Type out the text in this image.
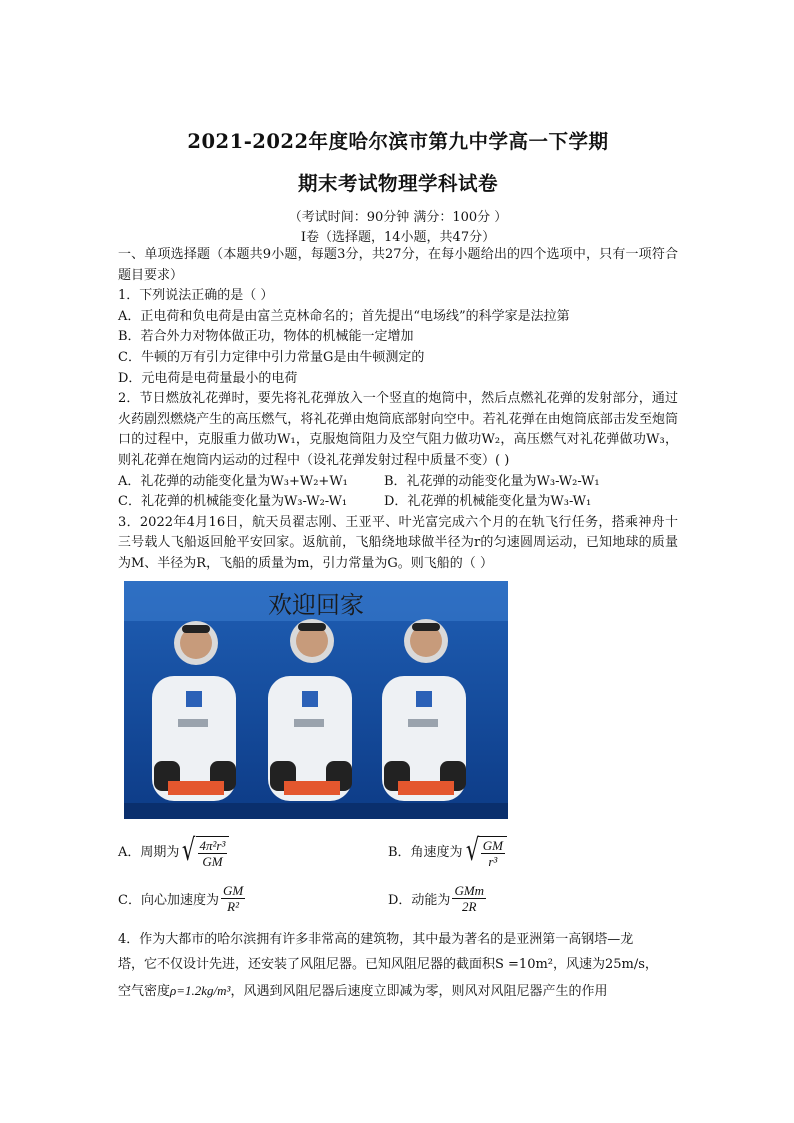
2021-2022年度哈尔滨市第九中学高一下学期

期末考试物理学科试卷

（考试时间：90分钟 满分：100分 ）
I卷（选择题，14小题，共47分）

一、单项选择题（本题共9小题，每题3分，共27分，在每小题给出的四个选项中，只有一项符合题目要求）

1．下列说法正确的是（ ）
A．正电荷和负电荷是由富兰克林命名的；首先提出“电场线”的科学家是法拉第
B．若合外力对物体做正功，物体的机械能一定增加
C．牛顿的万有引力定律中引力常量G是由牛顿测定的
D．元电荷是电荷量最小的电荷

2．节日燃放礼花弹时，要先将礼花弹放入一个竖直的炮筒中，然后点燃礼花弹的发射部分，通过火药剧烈燃烧产生的高压燃气，将礼花弹由炮筒底部射向空中。若礼花弹在由炮筒底部击发至炮筒口的过程中，克服重力做功W₁，克服炮筒阻力及空气阻力做功W₂，高压燃气对礼花弹做功W₃，则礼花弹在炮筒内运动的过程中（设礼花弹发射过程中质量不变）( )

A．礼花弹的动能变化量为W₃+W₂+W₁	B．礼花弹的动能变化量为W₃-W₂-W₁
C．礼花弹的机械能变化量为W₃-W₂-W₁	D．礼花弹的机械能变化量为W₃-W₁

3．2022年4月16日，航天员翟志刚、王亚平、叶光富完成六个月的在轨飞行任务，搭乘神舟十三号载人飞船返回舱平安回家。返航前，飞船绕地球做半径为r的匀速圆周运动，已知地球的质量为M、半径为R，飞船的质量为m，引力常量为G。则飞船的（ ）

欢迎回家
A．周期为 √ $\frac{\text{4π²r³}}{GM}$	B．角速度为 √ $\frac{GM}{\text{r³}}$
C．向心加速度为 $\frac{GM}{\text{R²}}$	D．动能为 $\frac{\text{GMm}}{2R}$
4．作为大都市的哈尔滨拥有许多非常高的建筑物，其中最为著名的是亚洲第一高钢塔—龙
塔，它不仅设计先进，还安装了风阻尼器。已知风阻尼器的截面积S =10m²，风速为25m/s，
空气密度ρ=1.2kg/m³，风遇到风阻尼器后速度立即减为零，则风对风阻尼器产生的作用
